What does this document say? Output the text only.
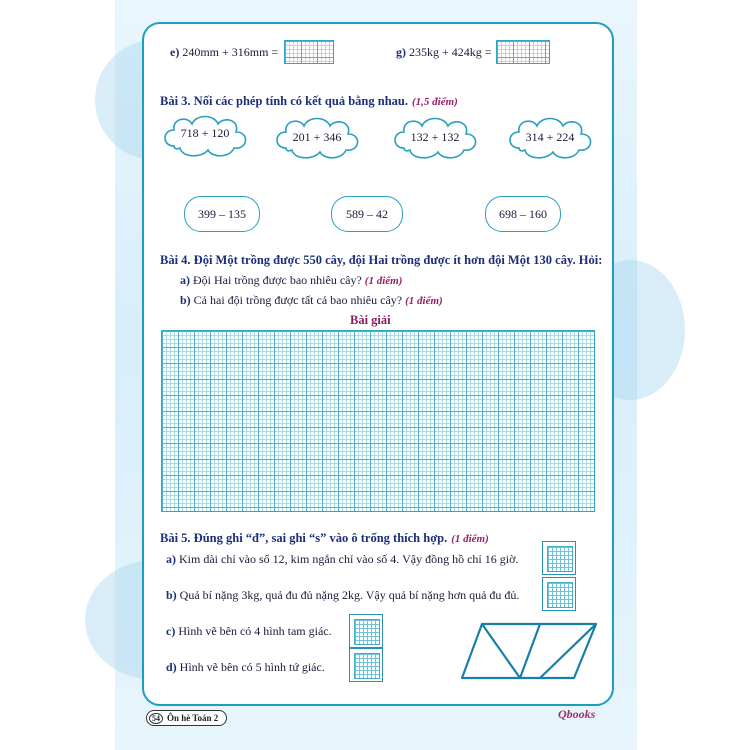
e) 240mm + 316mm =	g) 235kg + 424kg =
Bài 3. Nối các phép tính có kết quả bằng nhau. (1,5 điểm)
718 + 120	201 + 346	132 + 132	314 + 224
399 – 135	589 – 42	698 – 160
Bài 4. Đội Một trồng được 550 cây, đội Hai trồng được ít hơn đội Một 130 cây. Hỏi:
a) Đội Hai trồng được bao nhiêu cây? (1 điểm)
b) Cả hai đội trồng được tất cả bao nhiêu cây? (1 điểm)
Bài giải
Bài 5. Đúng ghi “đ”, sai ghi “s” vào ô trống thích hợp. (1 điểm)
a) Kim dài chỉ vào số 12, kim ngắn chỉ vào số 4. Vậy đồng hồ chỉ 16 giờ.
b) Quả bí nặng 3kg, quả đu đủ nặng 2kg. Vậy quả bí nặng hơn quả đu đủ.
c) Hình vẽ bên có 4 hình tam giác.
d) Hình vẽ bên có 5 hình tứ giác.
54 Ôn hè Toán 2	Qbooks
